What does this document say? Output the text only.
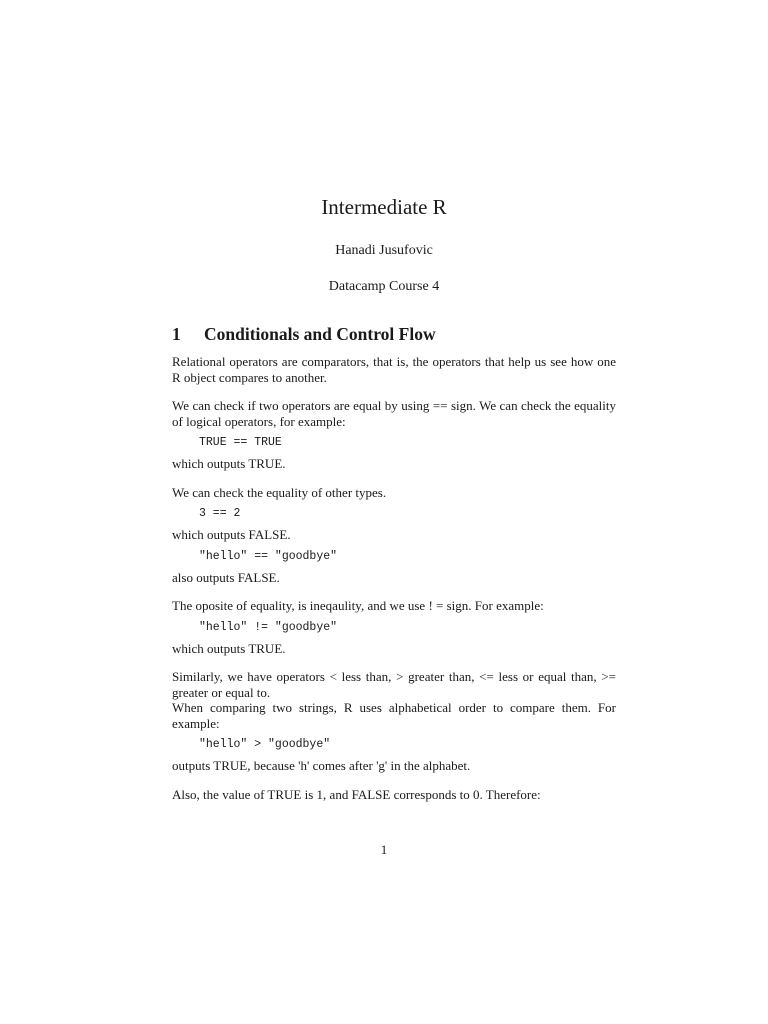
Intermediate R
Hanadi Jusufovic
Datacamp Course 4
1 Conditionals and Control Flow

Relational operators are comparators, that is, the operators that help us see how one R object compares to another.

We can check if two operators are equal by using == sign. We can check the equality of logical operators, for example:

TRUE == TRUE

which outputs TRUE.

We can check the equality of other types.

3 == 2

which outputs FALSE.

"hello" == "goodbye"

also outputs FALSE.

The oposite of equality, is ineqaulity, and we use ! = sign. For example:

"hello" != "goodbye"

which outputs TRUE.

Similarly, we have operators < less than, > greater than, <= less or equal than, >= greater or equal to.

When comparing two strings, R uses alphabetical order to compare them. For example:

"hello" > "goodbye"

outputs TRUE, because 'h' comes after 'g' in the alphabet.

Also, the value of TRUE is 1, and FALSE corresponds to 0. Therefore:

1
